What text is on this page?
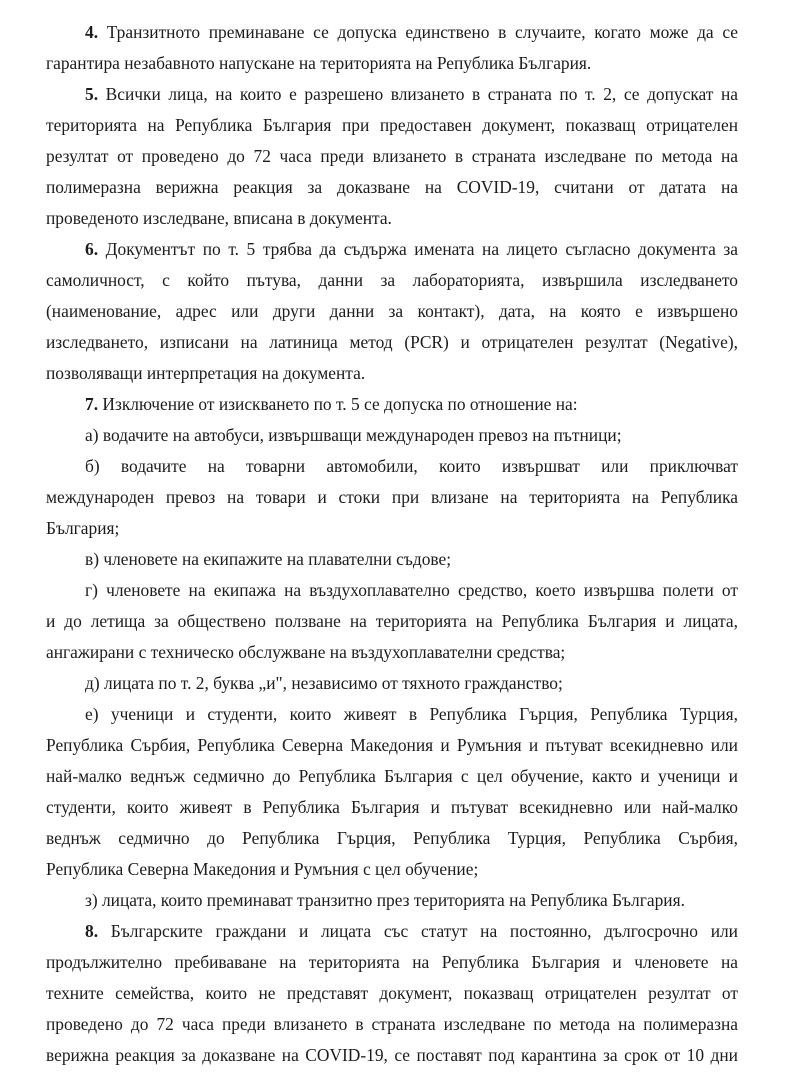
4. Транзитното преминаване се допуска единствено в случаите, когато може да се

гарантира незабавното напускане на територията на Република България.

5. Всички лица, на които е разрешено влизането в страната по т. 2, се допускат на

територията на Република България при предоставен документ, показващ отрицателен

резултат от проведено до 72 часа преди влизането в страната изследване по метода на

полимеразна верижна реакция за доказване на COVID-19, считани от датата на

проведеното изследване, вписана в документа.

6. Документът по т. 5 трябва да съдържа имената на лицето съгласно документа за

самоличност, с който пътува, данни за лабораторията, извършила изследването

(наименование, адрес или други данни за контакт), дата, на която е извършено

изследването, изписани на латиница метод (PCR) и отрицателен резултат (Negative),

позволяващи интерпретация на документа.

7. Изключение от изискването по т. 5 се допуска по отношение на:

а) водачите на автобуси, извършващи международен превоз на пътници;

б) водачите на товарни автомобили, които извършват или приключват

международен превоз на товари и стоки при влизане на територията на Република

България;

в) членовете на екипажите на плавателни съдове;

г) членовете на екипажа на въздухоплавателно средство, което извършва полети от

и до летища за обществено ползване на територията на Република България и лицата,

ангажирани с техническо обслужване на въздухоплавателни средства;

д) лицата по т. 2, буква „и", независимо от тяхното гражданство;

е) ученици и студенти, които живеят в Република Гърция, Република Турция,

Република Сърбия, Република Северна Македония и Румъния и пътуват всекидневно или

най-малко веднъж седмично до Република България с цел обучение, както и ученици и

студенти, които живеят в Република България и пътуват всекидневно или най-малко

веднъж седмично до Република Гърция, Република Турция, Република Сърбия,

Република Северна Македония и Румъния с цел обучение;

з) лицата, които преминават транзитно през територията на Република България.

8. Българските граждани и лицата със статут на постоянно, дългосрочно или

продължително пребиваване на територията на Република България и членовете на

техните семейства, които не представят документ, показващ отрицателен резултат от

проведено до 72 часа преди влизането в страната изследване по метода на полимеразна

верижна реакция за доказване на COVID-19, се поставят под карантина за срок от 10 дни
